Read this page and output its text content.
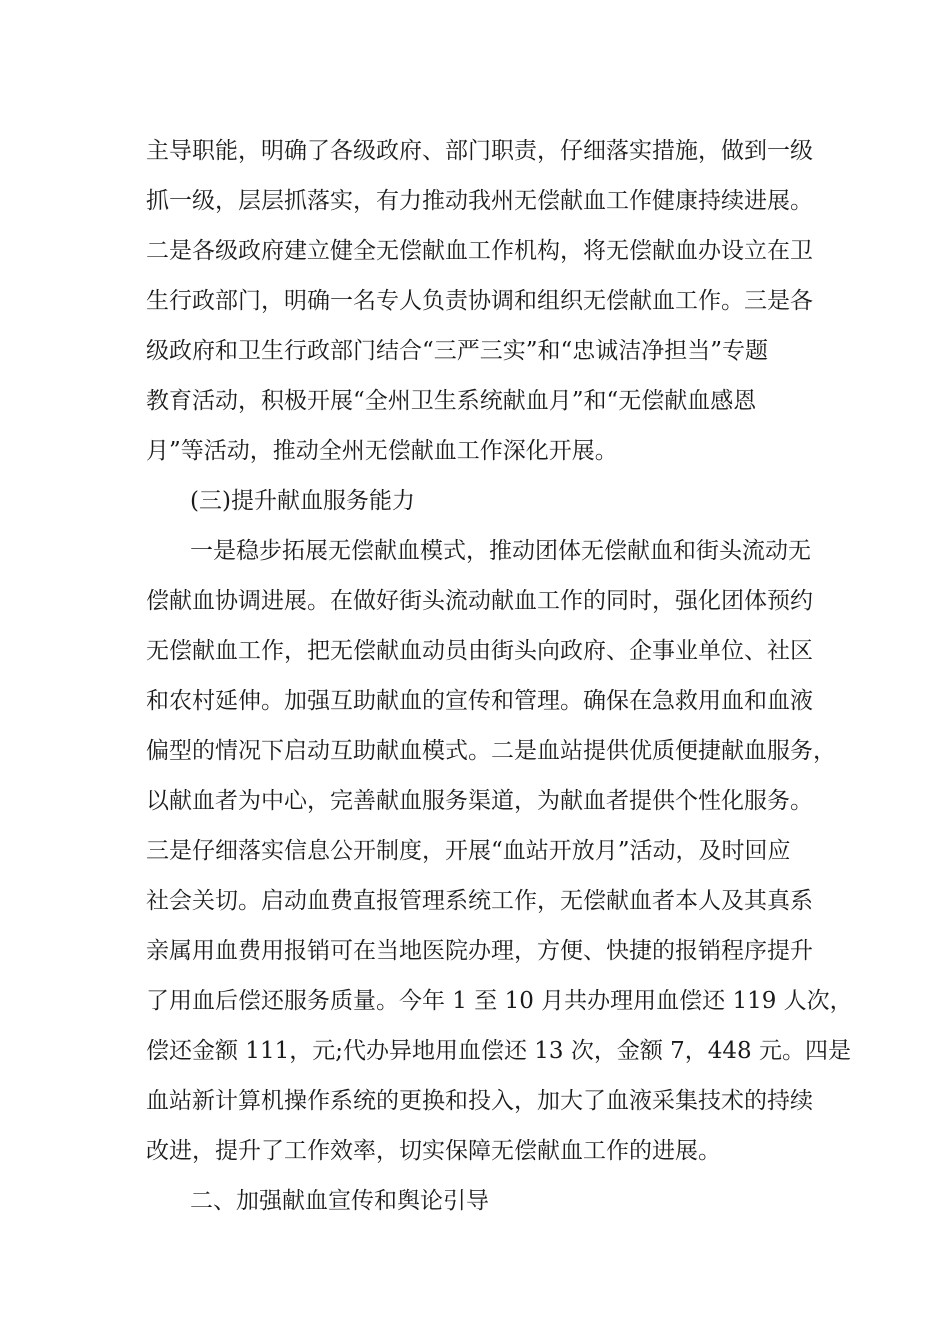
主导职能，明确了各级政府、部门职责，仔细落实措施，做到一级
抓一级，层层抓落实，有力推动我州无偿献血工作健康持续进展。
二是各级政府建立健全无偿献血工作机构，将无偿献血办设立在卫
生行政部门，明确一名专人负责协调和组织无偿献血工作。三是各
级政府和卫生行政部门结合“三严三实”和“忠诚洁净担当”专题
教育活动，积极开展“全州卫生系统献血月”和“无偿献血感恩
月”等活动，推动全州无偿献血工作深化开展。
(三)提升献血服务能力
一是稳步拓展无偿献血模式，推动团体无偿献血和街头流动无
偿献血协调进展。在做好街头流动献血工作的同时，强化团体预约
无偿献血工作，把无偿献血动员由街头向政府、企事业单位、社区
和农村延伸。加强互助献血的宣传和管理。确保在急救用血和血液
偏型的情况下启动互助献血模式。二是血站提供优质便捷献血服务，
以献血者为中心，完善献血服务渠道，为献血者提供个性化服务。
三是仔细落实信息公开制度，开展“血站开放月”活动，及时回应
社会关切。启动血费直报管理系统工作，无偿献血者本人及其真系
亲属用血费用报销可在当地医院办理，方便、快捷的报销程序提升
了用血后偿还服务质量。今年 1 至 10 月共办理用血偿还 119 人次，
偿还金额 111，元;代办异地用血偿还 13 次，金额 7，448 元。四是
血站新计算机操作系统的更换和投入，加大了血液采集技术的持续
改进，提升了工作效率，切实保障无偿献血工作的进展。
二、加强献血宣传和舆论引导
